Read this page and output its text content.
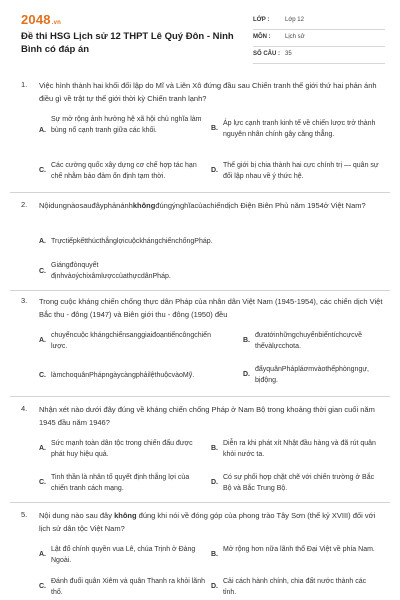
2048.vn
Đề thi HSG Lịch sử 12 THPT Lê Quý Đôn - Ninh Bình có đáp án
LỚP :	Lớp 12
MÔN : Lịch sử
SỐ CÂU : 35
1. Việc hình thành hai khối đối lập do Mĩ và Liên Xô đứng đầu sau Chiến tranh thế giới thứ hai phản ánh điều gì về trật tự thế giới thời kỳ Chiến tranh lạnh?
A.
Sự mở rộng ảnh hưởng hệ xã hội chủ nghĩa làm bùng nổ cạnh tranh giữa các khối.	B.
Áp lực cạnh tranh kinh tế về chiến lược trở thành nguyên nhân chính gây căng thẳng.
C.
Các cường quốc xây dựng cơ chế hợp tác hạn chế nhằm bảo đảm ổn định tạm thời.
D.
Thế giới bị chia thành hai cực chính trị — quân sự đối lập nhau về ý thức hệ.
2. Nộidungnàosauđâyphảnánhkhôngđúngýnghĩacủachiếndịch Điện Biên Phủ năm 1954ở Việt Nam?
A. TrựctiếpkếtthúcthắnglợicuộckhángchiếnchốngPháp.
C.
Giángđònquyết địnhvàoýchixâmlượccủathựcdânPháp.
3. Trong cuộc kháng chiến chống thực dân Pháp của nhân dân Việt Nam (1945-1954), các chiến dịch Việt Bắc thu - đông (1947) và Biên giới thu - đông (1950) đều
A.
chuyểncuộc khángchiếnsanggiaiđoạntiếncôngchiến lược.
B.
đưatớinhữngchuyểnbiếntíchcựcvề thếvàlựcchota.
C. làmchoquânPhápngàycàngphảilệthuộcvàoMỹ.	D.
đẩyquânPhápláơmvàothếphòngngự, bịđộng.
4. Nhận xét nào dưới đây đúng về kháng chiến chống Pháp ở Nam Bộ trong khoảng thời gian cuối năm 1945 đầu năm 1946?
A.
Sức mạnh toàn dân tộc trong chiến đấu được phát huy hiệu quả.
B.
Diễn ra khi phát xít Nhật đầu hàng và đã rút quân khỏi nước ta.
C.
Tinh thần là nhân tố quyết định thắng lợi của chiến tranh cách mạng.
D.
Có sự phối hợp chặt chẽ với chiến trường ở Bắc Bộ và Bắc Trung Bộ.
5. Nội dung nào sau đây không đúng khi nói về đóng góp của phong trào Tây Sơn (thế kỷ XVIII) đối với lịch sử dân tộc Việt Nam?
A.
Lật đổ chính quyền vua Lê, chúa Trịnh ở Đàng Ngoài.
B.
Mở rộng hơn nữa lãnh thổ Đại Việt về phía Nam.
C.
Đánh đuổi quân Xiêm và quân Thanh ra khỏi lãnh thổ.
D.
Cải cách hành chính, chia đất nước thành các tỉnh.
